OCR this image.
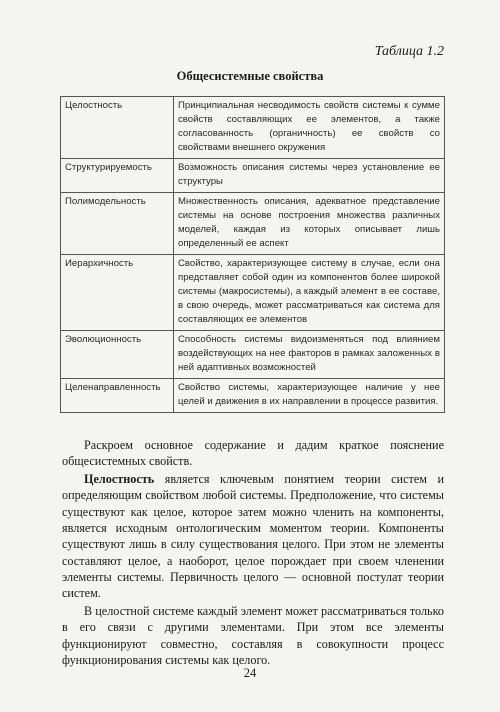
Таблица 1.2
Общесистемные свойства
Целостность	Принципиальная несводимость свойств системы к сумме свойств составляющих ее элементов, а также согласованность (органичность) ее свойств со свойствами внешнего окружения
Структурируемость	Возможность описания системы через установление ее структуры
Полимодельность	Множественность описания, адекватное представление системы на основе построения множества различных моделей, каждая из которых описывает лишь определенный ее аспект
Иерархичность	Свойство, характеризующее систему в случае, если она представляет собой один из компонентов более широкой системы (макросистемы), а каждый элемент в ее составе, в свою очередь, может рассматриваться как система для составляющих ее элементов
Эволюционность	Способность системы видоизменяться под влиянием воздействующих на нее факторов в рамках заложенных в ней адаптивных возможностей
Целенаправленность	Свойство системы, характеризующее наличие у нее целей и движения в их направлении в процессе развития.

Раскроем основное содержание и дадим краткое пояснение общесистемных свойств.

Целостность является ключевым понятием теории систем и определяющим свойством любой системы. Предположение, что системы существуют как целое, которое затем можно членить на компоненты, является исходным онтологическим моментом теории. Компоненты существуют лишь в силу существования целого. При этом не элементы составляют целое, а наоборот, целое порождает при своем членении элементы системы. Первичность целого — основной постулат теории систем.

В целостной системе каждый элемент может рассматриваться только в его связи с другими элементами. При этом все элементы функционируют совместно, составляя в совокупности процесс функционирования системы как целого.

24
